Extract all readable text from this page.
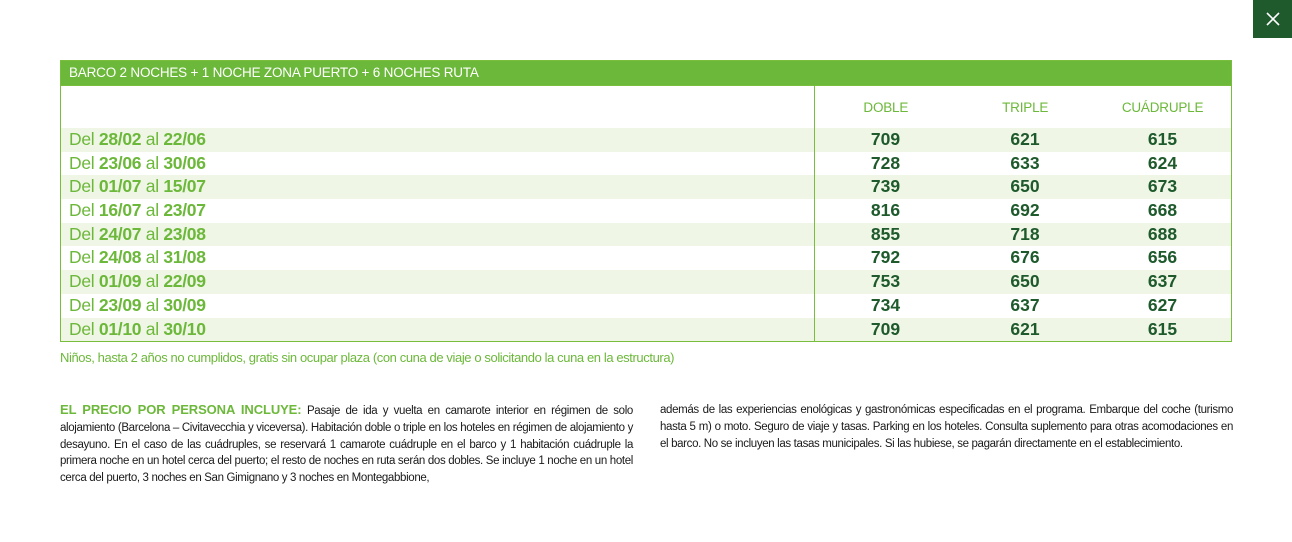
BARCO 2 NOCHES + 1 NOCHE ZONA PUERTO + 6 NOCHES RUTA
DOBLE	TRIPLE	CUÁDRUPLE
Del 28/02 al 22/06	709	621	615
Del 23/06 al 30/06	728	633	624
Del 01/07 al 15/07	739	650	673
Del 16/07 al 23/07	816	692	668
Del 24/07 al 23/08	855	718	688
Del 24/08 al 31/08	792	676	656
Del 01/09 al 22/09	753	650	637
Del 23/09 al 30/09	734	637	627
Del 01/10 al 30/10	709	621	615
Niños, hasta 2 años no cumplidos, gratis sin ocupar plaza (con cuna de viaje o solicitando la cuna en la estructura)
EL PRECIO POR PERSONA INCLUYE: Pasaje de ida y vuelta en camarote interior en régimen de solo alojamiento (Barcelona – Civitavecchia y viceversa). Habitación doble o triple en los hoteles en régimen de alojamiento y desayuno. En el caso de las cuádruples, se reservará 1 camarote cuádruple en el barco y 1 habitación cuádruple la primera noche en un hotel cerca del puerto; el resto de noches en ruta serán dos dobles. Se incluye 1 noche en un hotel cerca del puerto, 3 noches en San Gimignano y 3 noches en Montegabbione,
además de las experiencias enológicas y gastronómicas especificadas en el programa. Embarque del coche (turismo hasta 5 m) o moto. Seguro de viaje y tasas. Parking en los hoteles. Consulta suplemento para otras acomodaciones en el barco. No se incluyen las tasas municipales. Si las hubiese, se pagarán directamente en el establecimiento.
